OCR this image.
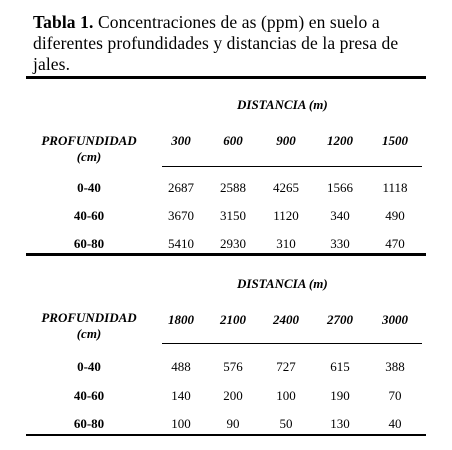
Tabla 1. Concentraciones de as (ppm) en suelo a diferentes profundidades y distancias de la presa de jales.
DISTANCIA (m)
PROFUNDIDAD
(cm)
300	600	900	1200	1500
0-40	2687	2588	4265	1566	1118
40-60	3670	3150	1120	340	490
60-80	5410	2930	310	330	470
DISTANCIA (m)
PROFUNDIDAD
(cm)
1800	2100	2400	2700	3000
0-40	488	576	727	615	388
40-60	140	200	100	190	70
60-80	100	90	50	130	40
